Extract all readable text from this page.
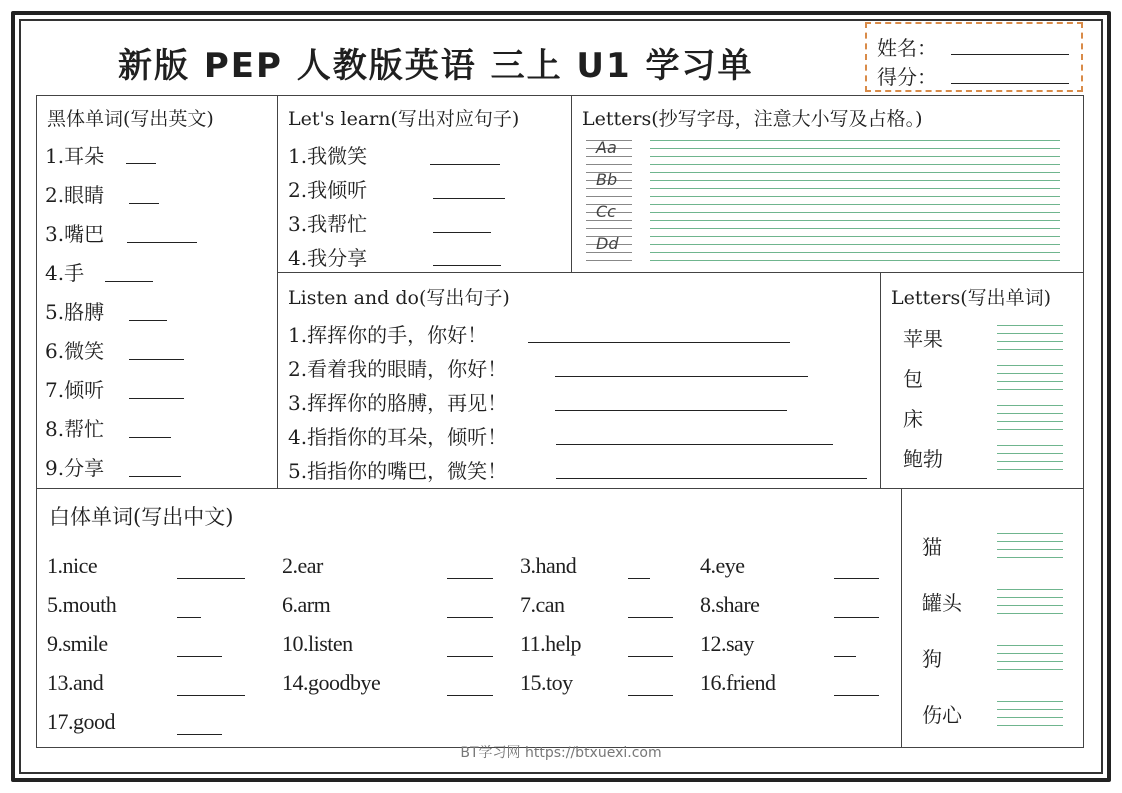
新版 PEP 人教版英语 三上 U1 学习单	姓名：
得分：
黑体单词(写出英文)
1.耳朵
2.眼睛
3.嘴巴
4.手
5.胳膊
6.微笑
7.倾听
8.帮忙
9.分享
Let's learn(写出对应句子)
1.我微笑
2.我倾听
3.我帮忙
4.我分享
Letters(抄写字母，注意大小写及占格。)
Aa
Bb
Cc
Dd
Listen and do(写出句子)
1.挥挥你的手，你好！
2.看着我的眼睛，你好！
3.挥挥你的胳膊，再见！
4.指指你的耳朵，倾听！
5.指指你的嘴巴，微笑！
Letters(写出单词)
苹果
包
床
鲍勃
白体单词(写出中文)
1.nice	2.ear	3.hand	4.eye
5.mouth	6.arm	7.can	8.share
9.smile	10.listen	11.help	12.say
13.and	14.goodbye	15.toy	16.friend
17.good
猫
罐头
狗
伤心
BT学习网 https://btxuexi.com
